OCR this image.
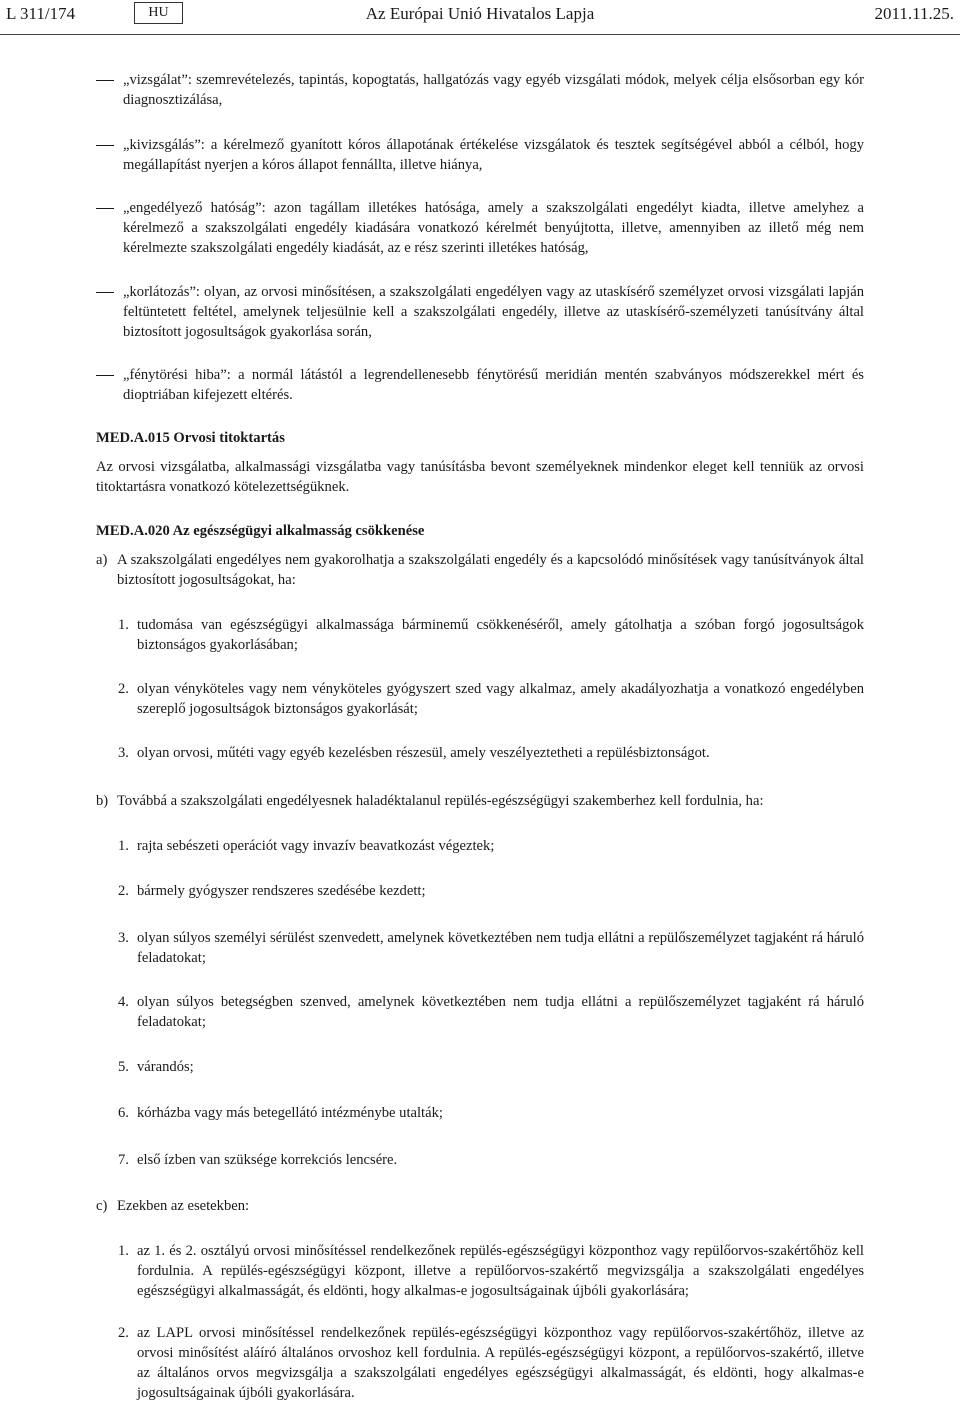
L 311/174	HU	Az Európai Unió Hivatalos Lapja	2011.11.25.
„vizsgálat”: szemrevételezés, tapintás, kopogtatás, hallgatózás vagy egyéb vizsgálati módok, melyek célja elsősorban egy kór diagnosztizálása,
„kivizsgálás”: a kérelmező gyanított kóros állapotának értékelése vizsgálatok és tesztek segítségével abból a célból, hogy megállapítást nyerjen a kóros állapot fennállta, illetve hiánya,
„engedélyező hatóság”: azon tagállam illetékes hatósága, amely a szakszolgálati engedélyt kiadta, illetve amelyhez a kérelmező a szakszolgálati engedély kiadására vonatkozó kérelmét benyújtotta, illetve, amennyiben az illető még nem kérelmezte szakszolgálati engedély kiadását, az e rész szerinti illetékes hatóság,
„korlátozás”: olyan, az orvosi minősítésen, a szakszolgálati engedélyen vagy az utaskísérő személyzet orvosi vizsgálati lapján feltüntetett feltétel, amelynek teljesülnie kell a szakszolgálati engedély, illetve az utaskísérő-személyzeti tanúsítvány által biztosított jogosultságok gyakorlása során,
„fénytörési hiba”: a normál látástól a legrendellenesebb fénytörésű meridián mentén szabványos módszerekkel mért és dioptriában kifejezett eltérés.
MED.A.015 Orvosi titoktartás
Az orvosi vizsgálatba, alkalmassági vizsgálatba vagy tanúsításba bevont személyeknek mindenkor eleget kell tenniük az orvosi titoktartásra vonatkozó kötelezettségüknek.
MED.A.020 Az egészségügyi alkalmasság csökkenése
a) A szakszolgálati engedélyes nem gyakorolhatja a szakszolgálati engedély és a kapcsolódó minősítések vagy tanúsítványok által biztosított jogosultságokat, ha:
1. tudomása van egészségügyi alkalmassága bárminemű csökkenéséről, amely gátolhatja a szóban forgó jogosultságok biztonságos gyakorlásában;
2. olyan vényköteles vagy nem vényköteles gyógyszert szed vagy alkalmaz, amely akadályozhatja a vonatkozó engedélyben szereplő jogosultságok biztonságos gyakorlását;
3. olyan orvosi, műtéti vagy egyéb kezelésben részesül, amely veszélyeztetheti a repülésbiztonságot.
b) Továbbá a szakszolgálati engedélyesnek haladéktalanul repülés-egészségügyi szakemberhez kell fordulnia, ha:
1. rajta sebészeti operációt vagy invazív beavatkozást végeztek;
2. bármely gyógyszer rendszeres szedésébe kezdett;
3. olyan súlyos személyi sérülést szenvedett, amelynek következtében nem tudja ellátni a repülőszemélyzet tagjaként rá háruló feladatokat;
4. olyan súlyos betegségben szenved, amelynek következtében nem tudja ellátni a repülőszemélyzet tagjaként rá háruló feladatokat;
5. várandós;
6. kórházba vagy más betegellátó intézménybe utalták;
7. első ízben van szüksége korrekciós lencsére.
c) Ezekben az esetekben:
1. az 1. és 2. osztályú orvosi minősítéssel rendelkezőnek repülés-egészségügyi központhoz vagy repülőorvos-szakértőhöz kell fordulnia. A repülés-egészségügyi központ, illetve a repülőorvos-szakértő megvizsgálja a szakszolgálati engedélyes egészségügyi alkalmasságát, és eldönti, hogy alkalmas-e jogosultságainak újbóli gyakorlására;
2. az LAPL orvosi minősítéssel rendelkezőnek repülés-egészségügyi központhoz vagy repülőorvos-szakértőhöz, illetve az orvosi minősítést aláíró általános orvoshoz kell fordulnia. A repülés-egészségügyi központ, a repülőorvos-szakértő, illetve az általános orvos megvizsgálja a szakszolgálati engedélyes egészségügyi alkalmasságát, és eldönti, hogy alkalmas-e jogosultságainak újbóli gyakorlására.
